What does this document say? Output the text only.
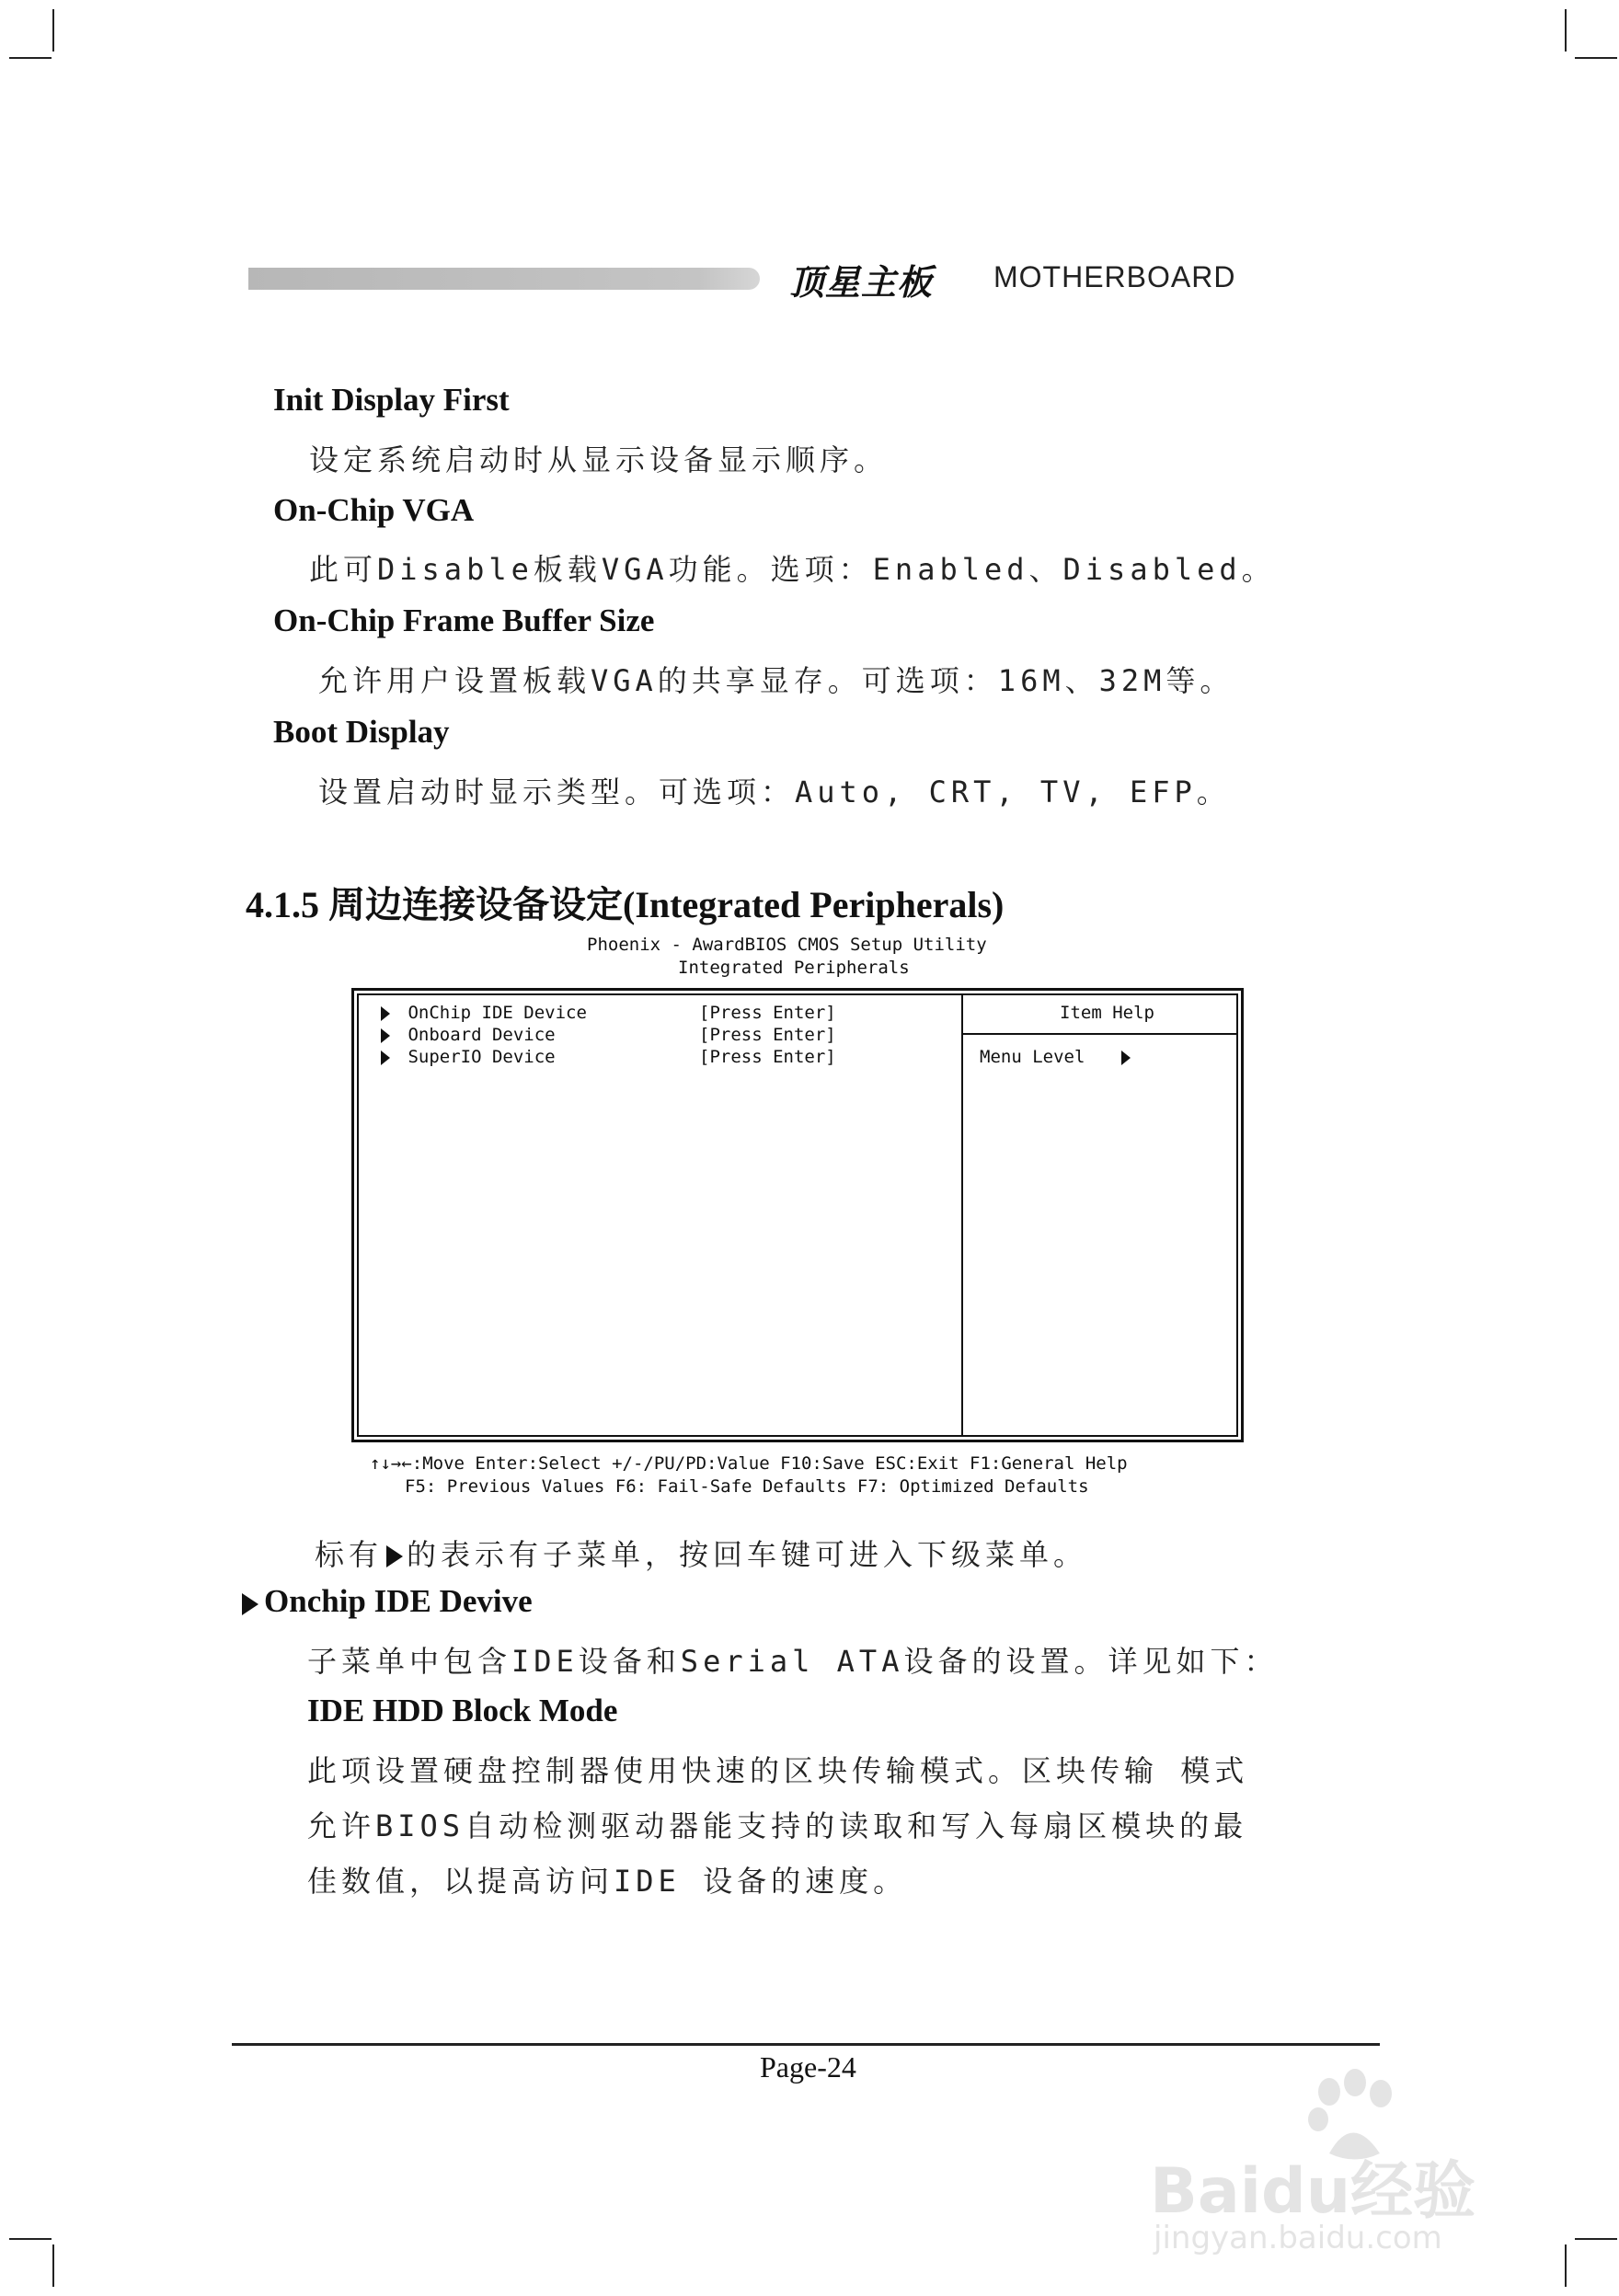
顶星主板 MOTHERBOARD
Init Display First
设定系统启动时从显示设备显示顺序。
On-Chip VGA
此可Disable板载VGA功能。选项：Enabled、Disabled。
On-Chip Frame Buffer Size
允许用户设置板载VGA的共享显存。可选项：16M、32M等。
Boot Display
设置启动时显示类型。可选项：Auto, CRT, TV, EFP。
4.1.5 周边连接设备设定(Integrated Peripherals)
Phoenix - AwardBIOS CMOS Setup Utility
Integrated Peripherals
OnChip IDE Device	[Press Enter]
Onboard Device	[Press Enter]
SuperIO Device	[Press Enter]
Item Help
Menu Level
↑↓→←:Move Enter:Select +/-/PU/PD:Value F10:Save ESC:Exit F1:General Help
F5: Previous Values F6: Fail-Safe Defaults F7: Optimized Defaults
标有 的表示有子菜单，按回车键可进入下级菜单。
Onchip IDE Devive
子菜单中包含IDE设备和Serial ATA设备的设置。详见如下：
IDE HDD Block Mode
此项设置硬盘控制器使用快速的区块传输模式。区块传输 模式
允许BIOS自动检测驱动器能支持的读取和写入每扇区模块的最
佳数值，以提高访问IDE 设备的速度。
Page-24
Baidu经验
jingyan.baidu.com
